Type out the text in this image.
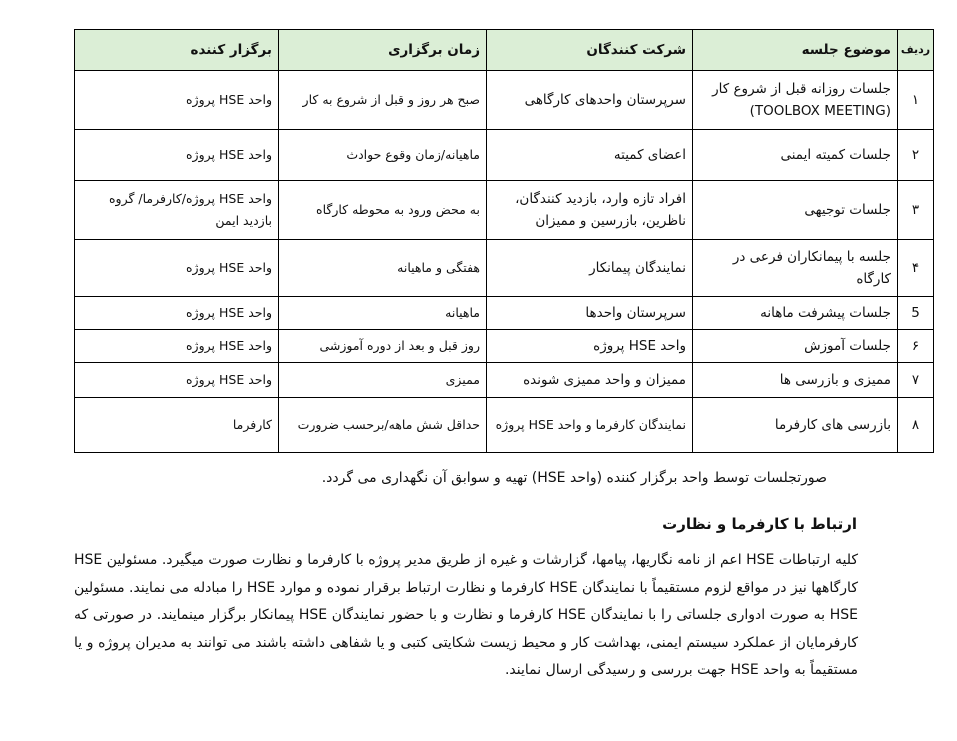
ردیف	موضوع جلسه	شرکت کنندگان	زمان برگزاری	برگزار کننده
۱	جلسات روزانه قبل از شروع کار (TOOLBOX MEETING)	سرپرستان واحدهای کارگاهی	صبح هر روز و قبل از شروع به کار	واحد HSE پروژه
۲	جلسات کمیته ایمنی	اعضای کمیته	ماهیانه/زمان وقوع حوادث	واحد HSE پروژه
۳	جلسات توجیهی	افراد تازه وارد، بازدید کنندگان، ناظرین، بازرسین و ممیزان	به محض ورود به محوطه کارگاه	واحد HSE پروژه/کارفرما/ گروه بازدید ایمن
۴	جلسه با پیمانکاران فرعی در کارگاه	نمایندگان پیمانکار	هفتگی و ماهیانه	واحد HSE پروژه
5	جلسات پیشرفت ماهانه	سرپرستان واحدها	ماهیانه	واحد HSE پروژه
۶	جلسات آموزش	واحد HSE پروژه	روز قبل و بعد از دوره آموزشی	واحد HSE پروژه
۷	ممیزی و بازرسی ها	ممیزان و واحد ممیزی شونده	ممیزی	واحد HSE پروژه
۸	بازرسی های کارفرما	نمایندگان کارفرما و واحد HSE پروژه	حداقل شش ماهه/برحسب ضرورت	کارفرما
صورتجلسات توسط واحد برگزار کننده (واحد HSE) تهیه و سوابق آن نگهداری می گردد.
ارتباط با کارفرما و نظارت
کلیه ارتباطات HSE اعم از نامه نگاریها، پیامها، گزارشات و غیره از طریق مدیر پروژه با کارفرما و نظارت صورت میگیرد. مسئولین HSE کارگاهها نیز در مواقع لزوم مستقیماً با نمایندگان HSE کارفرما و نظارت ارتباط برقرار نموده و موارد HSE را مبادله می نمایند. مسئولین HSE به صورت ادواری جلساتی را با نمایندگان HSE کارفرما و نظارت و با حضور نمایندگان HSE پیمانکار برگزار مینمایند. در صورتی که کارفرمایان از عملکرد سیستم ایمنی، بهداشت کار و محیط زیست شکایتی کتبی و یا شفاهی داشته باشند می توانند به مدیران پروژه و یا مستقیماً به واحد HSE جهت بررسی و رسیدگی ارسال نمایند.
